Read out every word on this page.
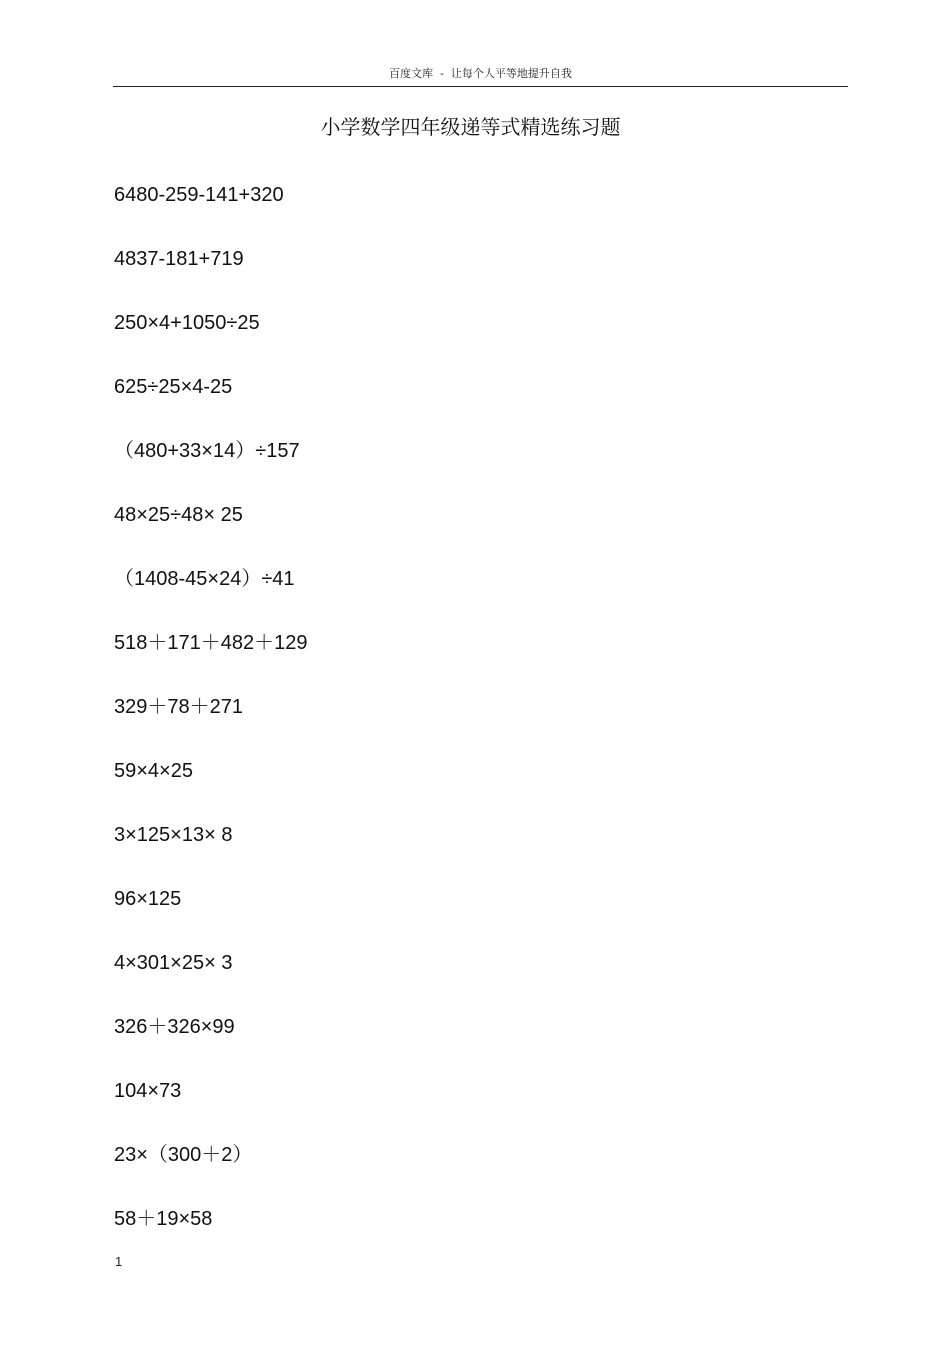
百度文库  -  让每个人平等地提升自我
小学数学四年级递等式精选练习题
6480-259-141+320
4837-181+719
250×4+1050÷25
625÷25×4-25
（480+33×14）÷157
48×25÷48× 25
（1408-45×24）÷41
518＋171＋482＋129
329＋78＋271
59×4×25
3×125×13× 8
96×125
4×301×25× 3
326＋326×99
104×73
23×（300＋2）
58＋19×58
1
